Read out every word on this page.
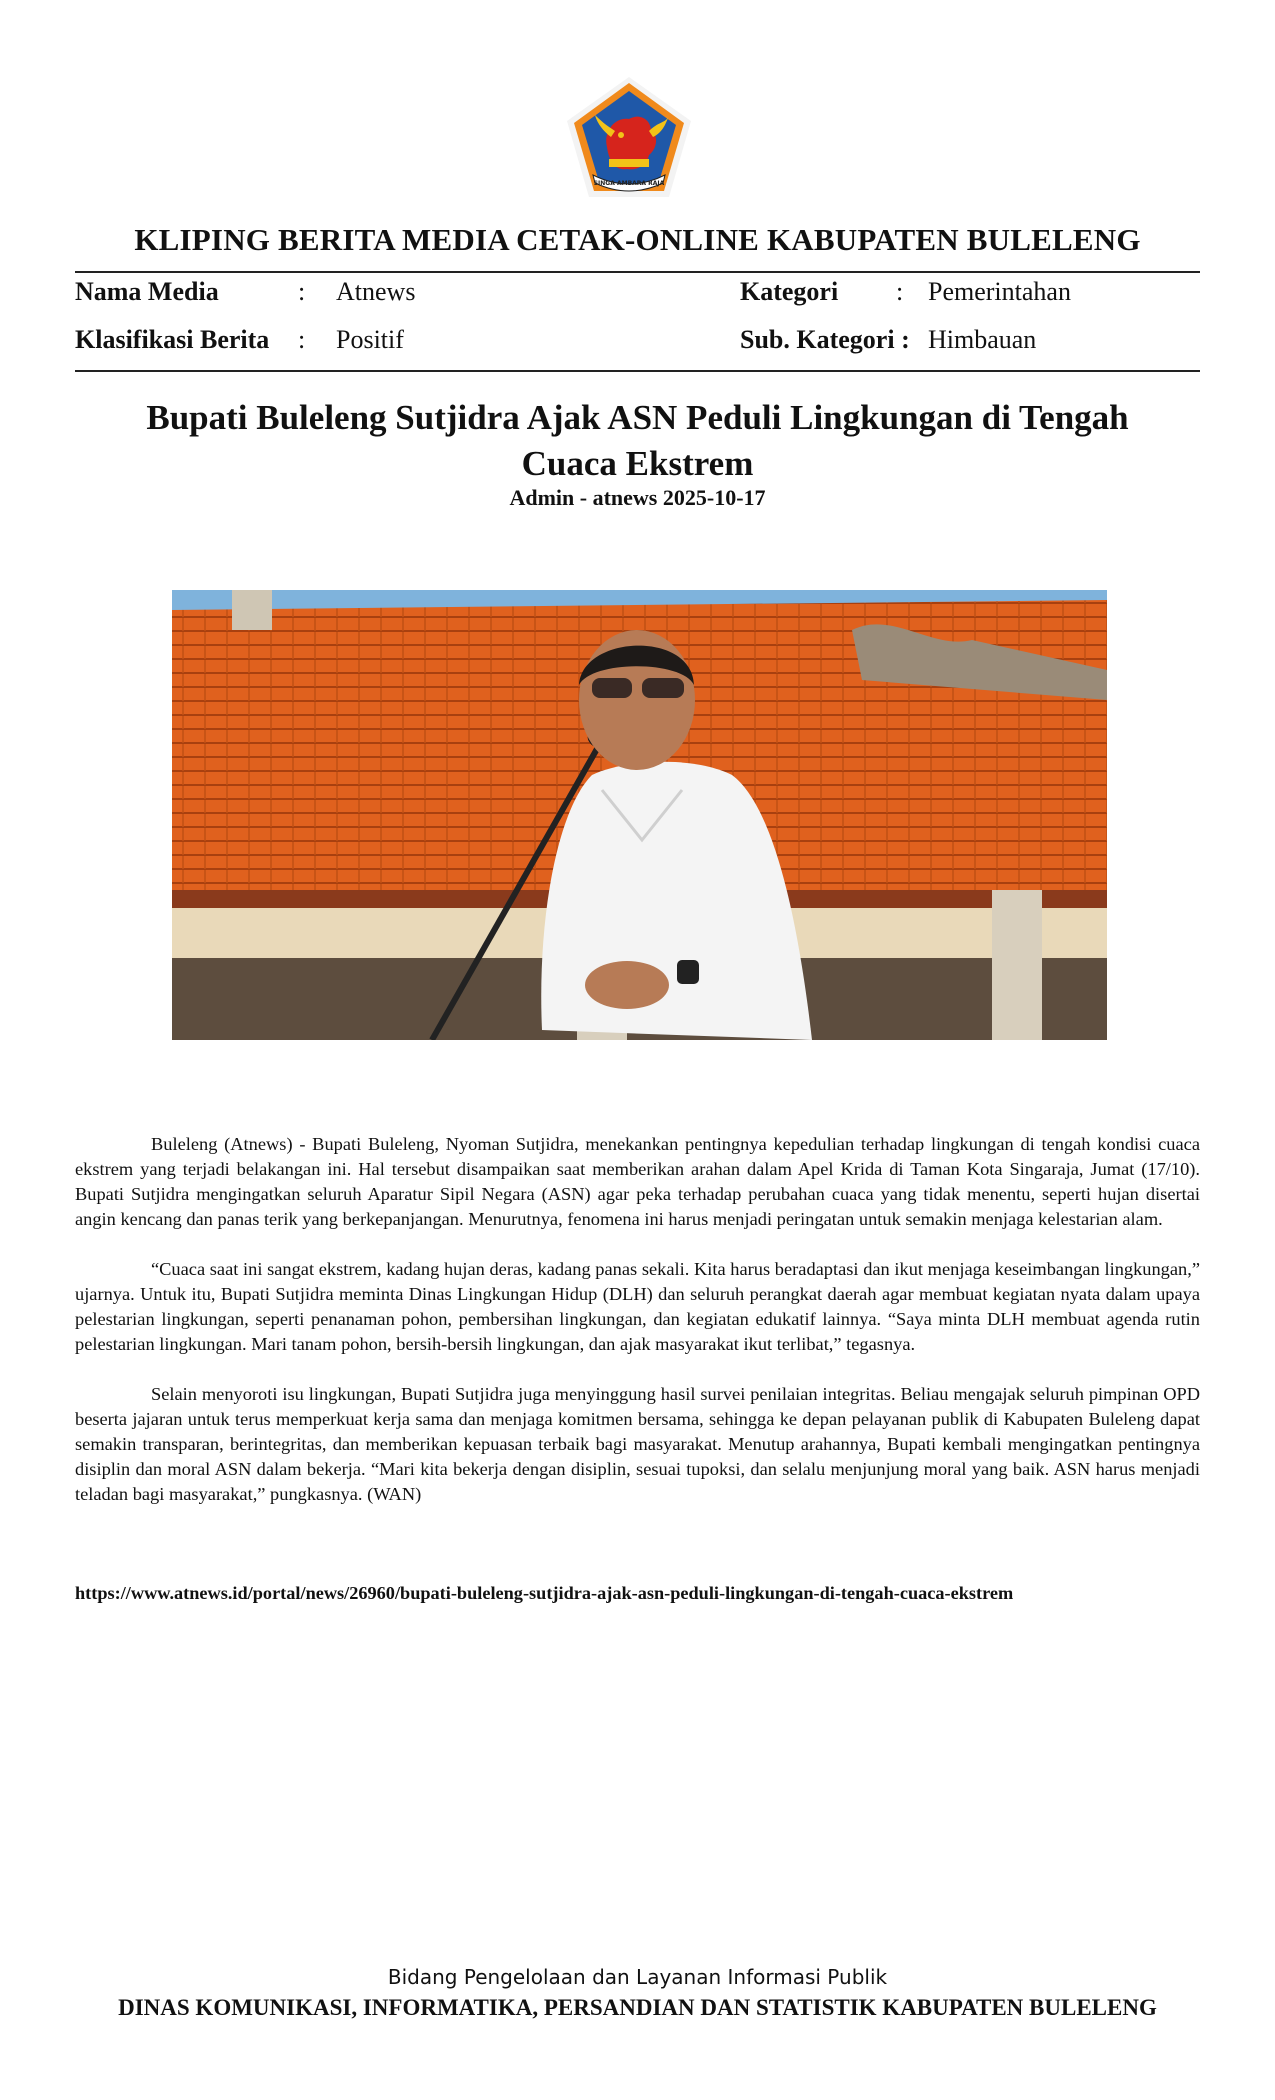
SINGA AMBARA RAJA
KLIPING BERITA MEDIA CETAK-ONLINE KABUPATEN BULELENG
Nama Media	: Atnews	Kategori : Pemerintahan
Klasifikasi Berita : Positif	Sub. Kategori : Himbauan
Bupati Buleleng Sutjidra Ajak ASN Peduli Lingkungan di Tengah Cuaca Ekstrem
Admin - atnews 2025-10-17

Buleleng (Atnews) - Bupati Buleleng, Nyoman Sutjidra, menekankan pentingnya kepedulian terhadap lingkungan di tengah kondisi cuaca ekstrem yang terjadi belakangan ini. Hal tersebut disampaikan saat memberikan arahan dalam Apel Krida di Taman Kota Singaraja, Jumat (17/10). Bupati Sutjidra mengingatkan seluruh Aparatur Sipil Negara (ASN) agar peka terhadap perubahan cuaca yang tidak menentu, seperti hujan disertai angin kencang dan panas terik yang berkepanjangan. Menurutnya, fenomena ini harus menjadi peringatan untuk semakin menjaga kelestarian alam.

“Cuaca saat ini sangat ekstrem, kadang hujan deras, kadang panas sekali. Kita harus beradaptasi dan ikut menjaga keseimbangan lingkungan,” ujarnya. Untuk itu, Bupati Sutjidra meminta Dinas Lingkungan Hidup (DLH) dan seluruh perangkat daerah agar membuat kegiatan nyata dalam upaya pelestarian lingkungan, seperti penanaman pohon, pembersihan lingkungan, dan kegiatan edukatif lainnya. “Saya minta DLH membuat agenda rutin pelestarian lingkungan. Mari tanam pohon, bersih-bersih lingkungan, dan ajak masyarakat ikut terlibat,” tegasnya.

Selain menyoroti isu lingkungan, Bupati Sutjidra juga menyinggung hasil survei penilaian integritas. Beliau mengajak seluruh pimpinan OPD beserta jajaran untuk terus memperkuat kerja sama dan menjaga komitmen bersama, sehingga ke depan pelayanan publik di Kabupaten Buleleng dapat semakin transparan, berintegritas, dan memberikan kepuasan terbaik bagi masyarakat. Menutup arahannya, Bupati kembali mengingatkan pentingnya disiplin dan moral ASN dalam bekerja. “Mari kita bekerja dengan disiplin, sesuai tupoksi, dan selalu menjunjung moral yang baik. ASN harus menjadi teladan bagi masyarakat,” pungkasnya. (WAN)

https://www.atnews.id/portal/news/26960/bupati-buleleng-sutjidra-ajak-asn-peduli-lingkungan-di-tengah-cuaca-ekstrem
Bidang Pengelolaan dan Layanan Informasi Publik
DINAS KOMUNIKASI, INFORMATIKA, PERSANDIAN DAN STATISTIK KABUPATEN BULELENG
